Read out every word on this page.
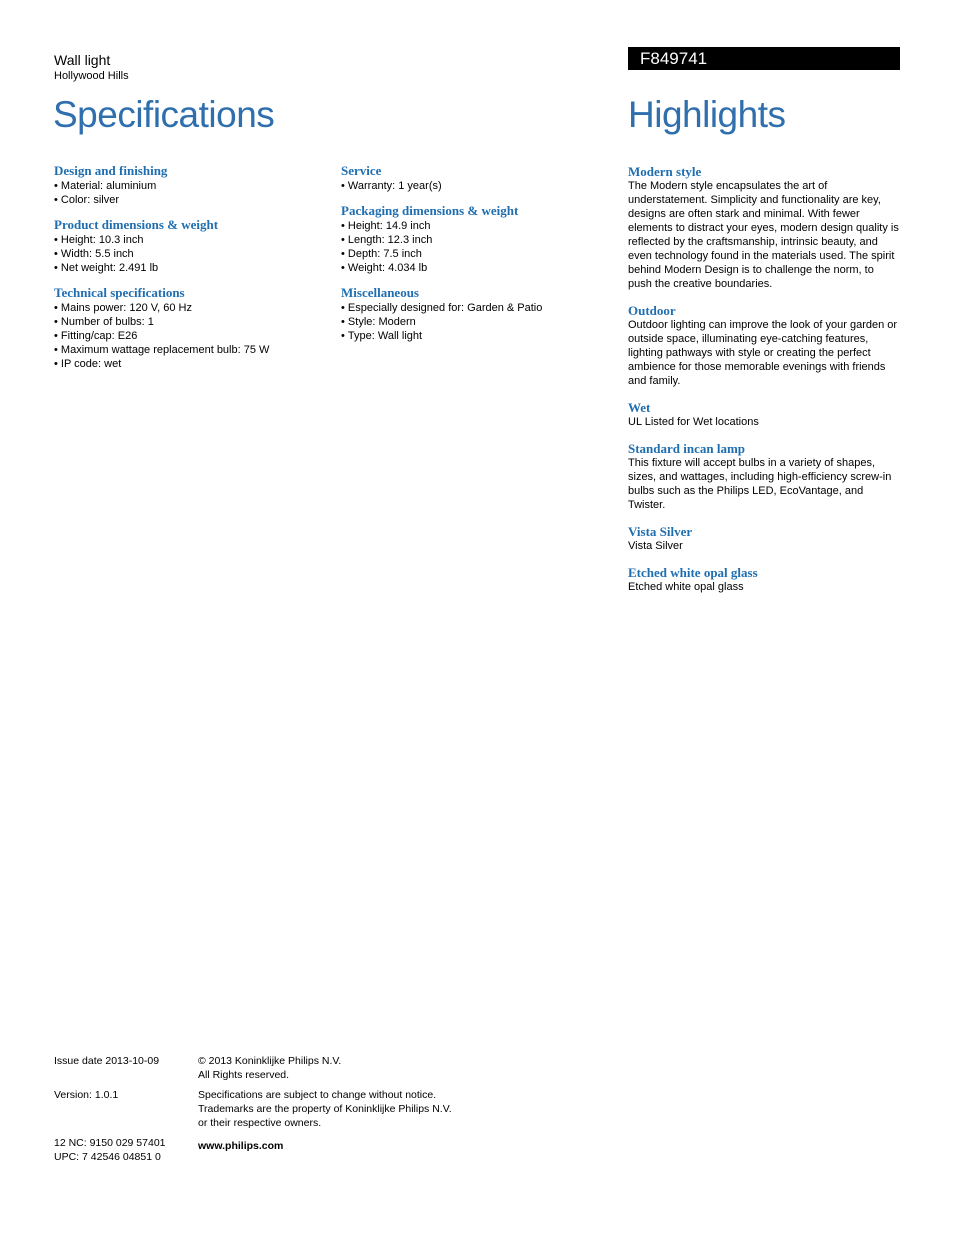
Wall light
Hollywood Hills
F849741
Specifications	Highlights
Design and finishing
• Material: aluminium
• Color: silver
Product dimensions & weight
• Height: 10.3 inch
• Width: 5.5 inch
• Net weight: 2.491 lb
Technical specifications
• Mains power: 120 V, 60 Hz
• Number of bulbs: 1
• Fitting/cap: E26
• Maximum wattage replacement bulb: 75 W
• IP code: wet
Service
• Warranty: 1 year(s)
Packaging dimensions & weight
• Height: 14.9 inch
• Length: 12.3 inch
• Depth: 7.5 inch
• Weight: 4.034 lb
Miscellaneous
• Especially designed for: Garden & Patio
• Style: Modern
• Type: Wall light
Modern style
The Modern style encapsulates the art of understatement. Simplicity and functionality are key, designs are often stark and minimal. With fewer elements to distract your eyes, modern design quality is reflected by the craftsmanship, intrinsic beauty, and even technology found in the materials used. The spirit behind Modern Design is to challenge the norm, to push the creative boundaries.
Outdoor
Outdoor lighting can improve the look of your garden or outside space, illuminating eye-catching features, lighting pathways with style or creating the perfect ambience for those memorable evenings with friends and family.
Wet
UL Listed for Wet locations
Standard incan lamp
This fixture will accept bulbs in a variety of shapes, sizes, and wattages, including high-efficiency screw-in bulbs such as the Philips LED, EcoVantage, and Twister.
Vista Silver
Vista Silver
Etched white opal glass
Etched white opal glass
Issue date 2013-10-09	© 2013 Koninklijke Philips N.V.
All Rights reserved.
Version: 1.0.1	Specifications are subject to change without notice.
Trademarks are the property of Koninklijke Philips N.V.
or their respective owners.
12 NC: 9150 029 57401
UPC: 7 42546 04851 0
www.philips.com
